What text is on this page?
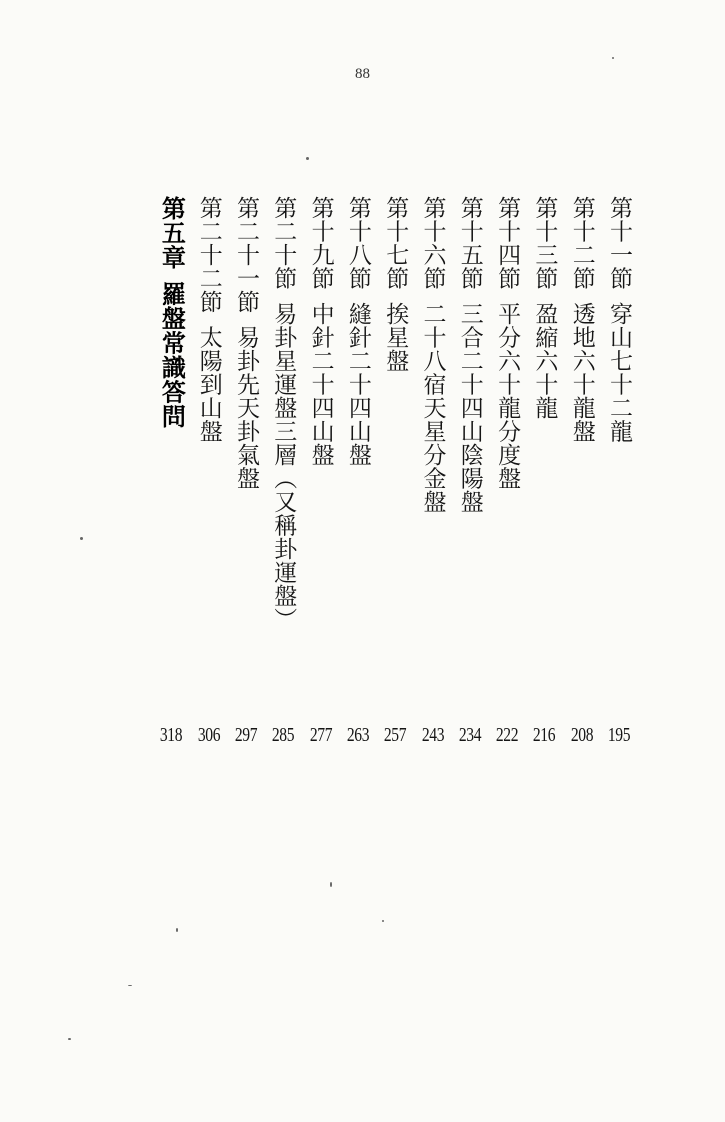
88
第十一節穿山七十二龍
195
第十二節透地六十龍盤
208
第十三節盈縮六十龍
216
第十四節平分六十龍分度盤
222
第十五節三合二十四山陰陽盤
234
第十六節二十八宿天星分金盤
243
第十七節挨星盤
257
第十八節縫針二十四山盤
263
第十九節中針二十四山盤
277
第二十節易卦星運盤三層（又稱卦運盤）
285
第二十一節易卦先天卦氣盤
297
第二十二節太陽到山盤
306
第五章羅盤常識答問
318
